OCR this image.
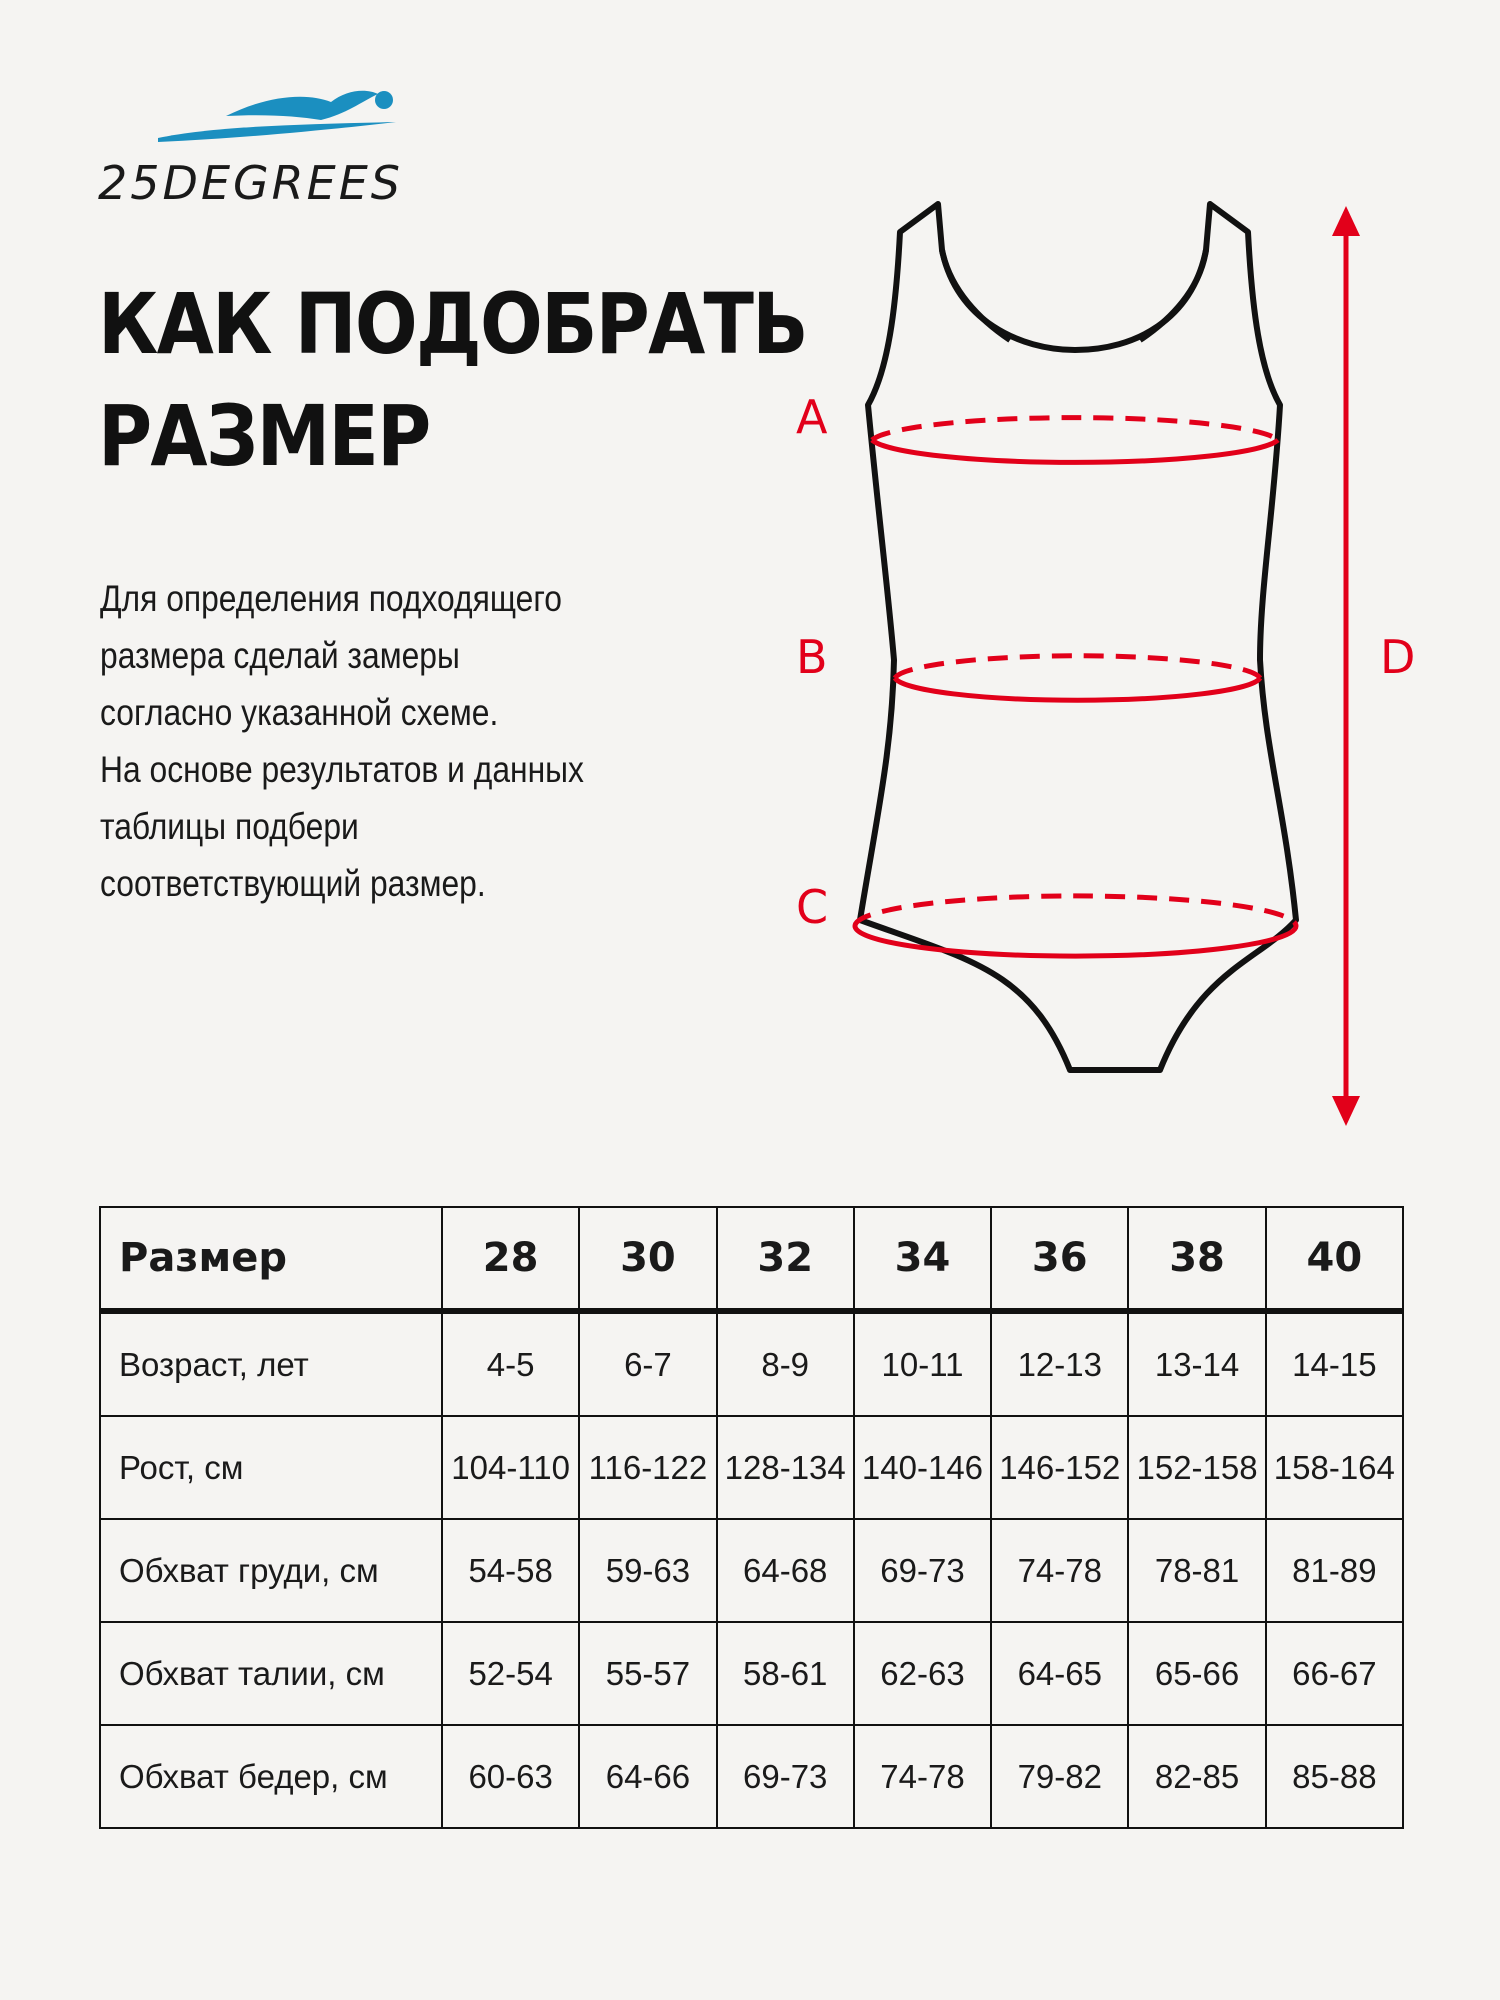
25DEGREES
КАК ПОДОБРАТЬ
РАЗМЕР
Для определения подходящего
размера сделай замеры
согласно указанной схеме.
На основе результатов и данных
таблицы подбери
соответствующий размер.
A
B
C
D
Размер	28	30	32	34	36	38	40
Возраст, лет	4-5	6-7	8-9	10-11	12-13	13-14	14-15
Рост, см	104-110	116-122	128-134	140-146	146-152	152-158	158-164
Обхват груди, см	54-58	59-63	64-68	69-73	74-78	78-81	81-89
Обхват талии, см	52-54	55-57	58-61	62-63	64-65	65-66	66-67
Обхват бедер, см	60-63	64-66	69-73	74-78	79-82	82-85	85-88
